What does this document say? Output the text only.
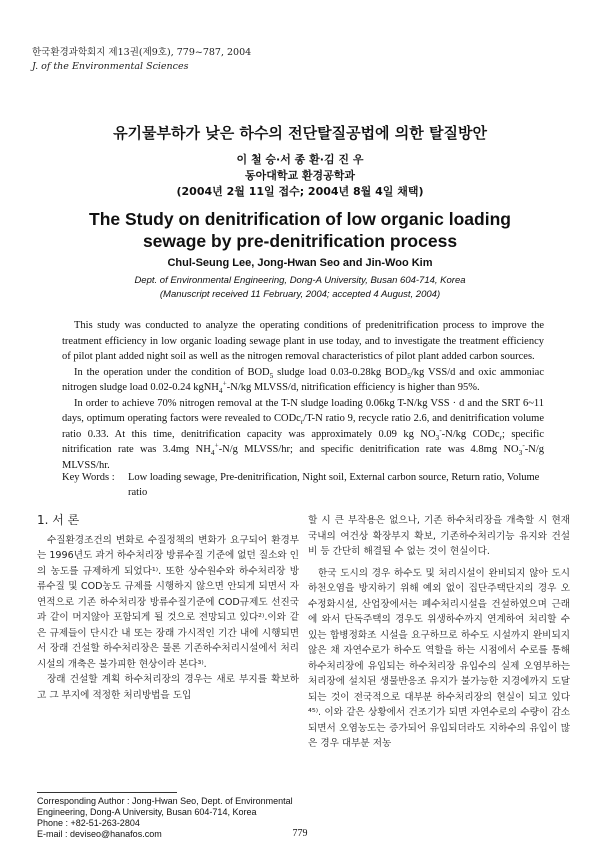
한국환경과학회지 제13권(제9호), 779~787, 2004
J. of the Environmental Sciences
유기물부하가 낮은 하수의 전단탈질공법에 의한 탈질방안
이 철 승·서 종 환·김 진 우
동아대학교 환경공학과
(2004년 2월 11일 접수; 2004년 8월 4일 채택)
The Study on denitrification of low organic loading
sewage by pre-denitrification process
Chul-Seung Lee, Jong-Hwan Seo and Jin-Woo Kim
Dept. of Environmental Engineering, Dong-A University, Busan 604-714, Korea
(Manuscript received 11 February, 2004; accepted 4 August, 2004)

This study was conducted to analyze the operating conditions of predenitrification process to improve the treatment efficiency in low organic loading sewage plant in use today, and to investigate the treatment efficiency of pilot plant added night soil as well as the nitrogen removal characteristics of pilot plant added carbon sources.

In the operation under the condition of $BOD_5$ sludge load 0.03-0.28kg $BOD_5/kg$ VSS/d and oxic ammoniac nitrogen sludge load 0.02-0.24 kgNH$_4$+-N/kg MLVSS/d, nitrification efficiency is higher than 95%.

In order to achieve 70% nitrogen removal at the T-N sludge loading 0.06kg T-N/kg VSS · d and the SRT 6~11 days, optimum operating factors were revealed to CODc$_r$/T-N ratio 9, recycle ratio 2.6, and denitrification volume ratio 0.33. At this time, denitrification capacity was approximately 0.09 kg $NO_3^--N/kg$ CODc$_r$; specific nitrification rate was 3.4mg $NH_4^+-N/g$ MLVSS/hr; and specific denitrification rate was 4.8mg $NO_3^--N/g$ MLVSS/hr.

Key Words :	Low loading sewage, Pre-denitrification, Night soil, External carbon source, Return ratio, Volume ratio
1. 서 론

수질환경조건의 변화로 수질정책의 변화가 요구되어 환경부는 1996년도 과거 하수처리장 방류수질 기준에 없던 질소와 인의 농도를 규제하게 되었다¹⁾. 또한 상수원수와 하수처리장 방류수질 및 COD농도 규제를 시행하지 않으면 안되게 되면서 자연적으로 기존 하수처리장 방류수질기준에 COD규제도 선진국과 같이 머지않아 포함되게 될 것으로 전망되고 있다²⁾.이와 같은 규제들이 단시간 내 또는 장래 가시적인 기간 내에 시행되면서 장래 건설할 하수처리장은 물론 기존하수처리시설에서 처리시설의 개축은 불가피한 현상이라 본다³⁾.

장래 건설할 계획 하수처리장의 경우는 새로 부지를 확보하고 그 부지에 적정한 처리방법을 도입

할 시 큰 부작용은 없으나, 기존 하수처리장을 개축할 시 현재 국내의 여건상 확장부지 확보, 기존하수처리기능 유지와 건설비 등 간단히 해결될 수 없는 것이 현실이다.

한국 도시의 경우 하수도 및 처리시설이 완비되지 않아 도시하천오염을 방지하기 위해 예외 없이 집단주택단지의 경우 오수정화시설, 산업장에서는 폐수처리시설을 건설하였으며 근래에 와서 단독주택의 경우도 위생하수까지 연계하여 처리할 수 있는 합병정화조 시설을 요구하므로 하수도 시설까지 완비되지 않은 채 자연수로가 하수도 역할을 하는 시점에서 수로를 통해 하수처리장에 유입되는 하수처리장 유입수의 실제 오염부하는 처리장에 설치된 생물반응조 유지가 불가능한 지경에까지 도달되는 것이 전국적으로 대부분 하수처리장의 현실이 되고 있다⁴⁵⁾. 이와 같은 상황에서 건조기가 되면 자연수로의 수량이 감소되면서 오염농도는 증가되어 유입되더라도 지하수의 유입이 많은 경우 대부분 저농

Corresponding Author : Jong-Hwan Seo, Dept. of Environmental Engineering, Dong-A University, Busan 604-714, Korea
Phone : +82-51-263-2804
E-mail : deviseo@hanafos.com	779
